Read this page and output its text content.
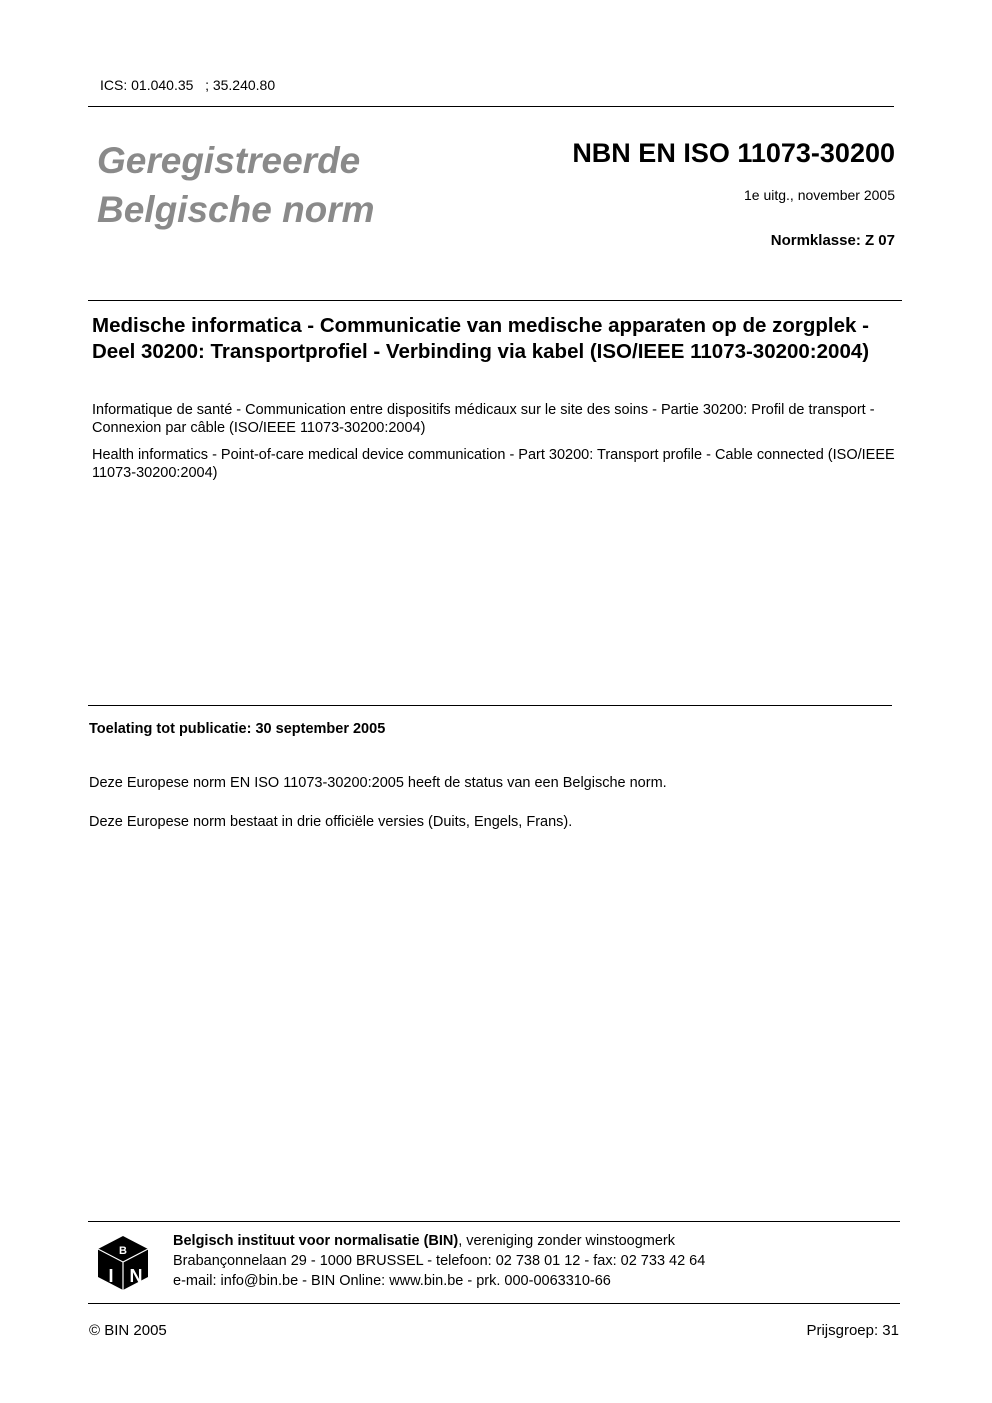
ICS: 01.040.35   ; 35.240.80
Geregistreerde
Belgische norm
NBN EN ISO 11073-30200
1e uitg., november 2005
Normklasse: Z 07
Medische informatica - Communicatie van medische apparaten op de zorgplek - Deel 30200: Transportprofiel - Verbinding via kabel (ISO/IEEE 11073-30200:2004)
Informatique de santé - Communication entre dispositifs médicaux sur le site des soins - Partie 30200: Profil de transport - Connexion par câble (ISO/IEEE 11073-30200:2004)
Health informatics - Point-of-care medical device communication - Part 30200: Transport profile - Cable connected (ISO/IEEE 11073-30200:2004)
Toelating tot publicatie: 30 september 2005
Deze Europese norm EN ISO 11073-30200:2005 heeft de status van een Belgische norm.
Deze Europese norm bestaat in drie officiële versies (Duits, Engels, Frans).
B
I N
Belgisch instituut voor normalisatie (BIN), vereniging zonder winstoogmerk
Brabançonnelaan 29 - 1000 BRUSSEL - telefoon: 02 738 01 12 - fax: 02 733 42 64
e-mail: info@bin.be - BIN Online: www.bin.be - prk. 000-0063310-66
© BIN 2005	Prijsgroep: 31
